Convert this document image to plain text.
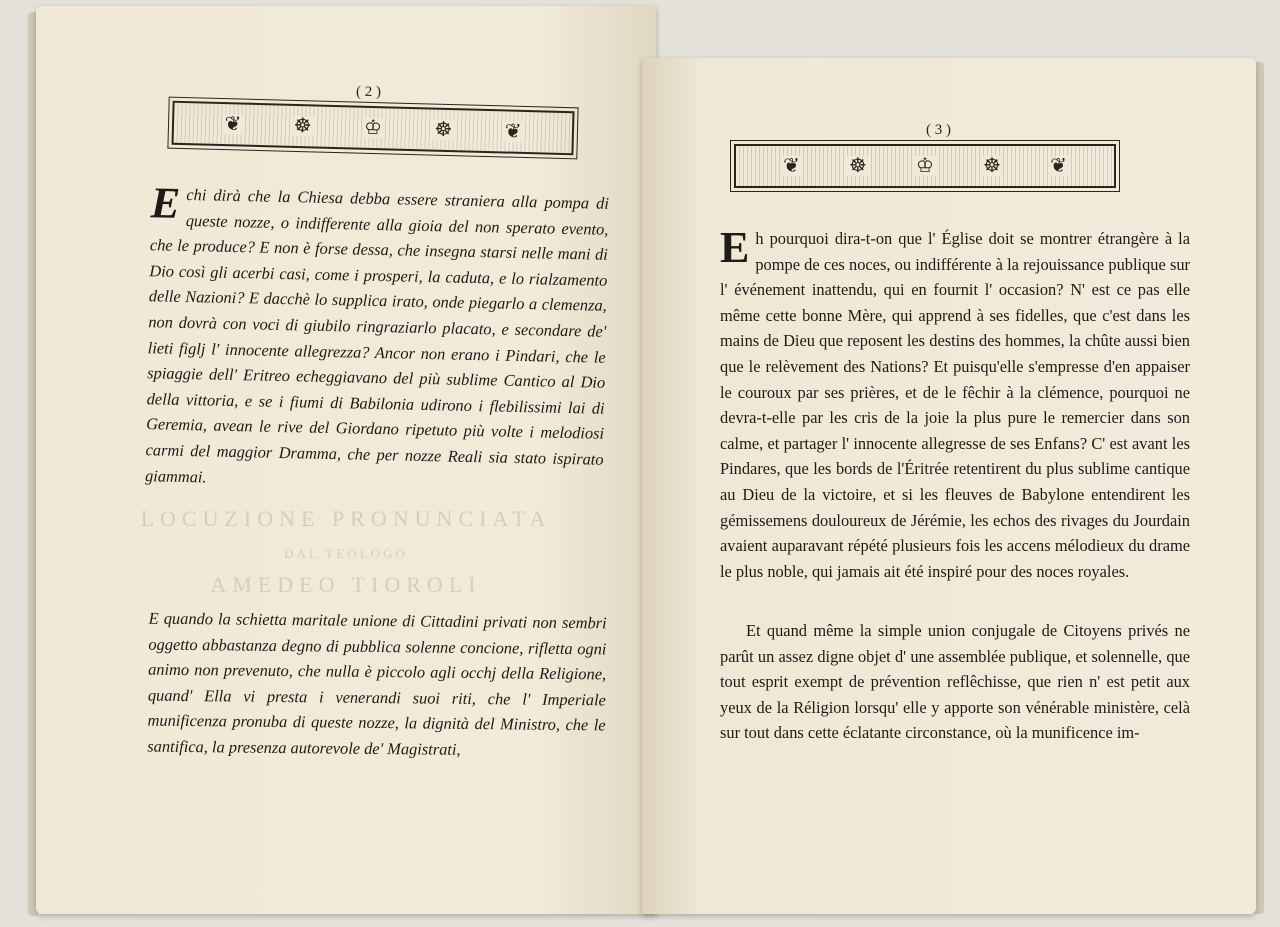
( 2 )
❦	☸	♔	☸	❦

Echi dirà che la Chiesa debba essere straniera alla pompa di queste nozze, o indifferente alla gioia del non sperato evento, che le produce? E non è forse dessa, che insegna starsi nelle mani di Dio così gli acerbi casi, come i prosperi, la caduta, e lo rialzamento delle Nazioni? E dacchè lo supplica irato, onde piegarlo a clemenza, non dovrà con voci di giubilo ringraziarlo placato, e secondare de' lieti figlj l' innocente allegrezza? Ancor non erano i Pindari, che le spiaggie dell' Eritreo echeggiavano del più sublime Cantico al Dio della vittoria, e se i fiumi di Babilonia udirono i flebilissimi lai di Geremia, avean le rive del Giordano ripetuto più volte i melodiosi carmi del maggior Dramma, che per nozze Reali sia stato ispirato giammai.

LOCUZIONE PRONUNCIATA
DAL TEOLOGO
AMEDEO TIOROLI

E quando la schietta maritale unione di Cittadini privati non sembri oggetto abbastanza degno di pubblica solenne concione, rifletta ogni animo non prevenuto, che nulla è piccolo agli occhj della Religione, quand' Ella vi presta i venerandi suoi riti, che l' Imperiale munificenza pronuba di queste nozze, la dignità del Ministro, che le santifica, la presenza autorevole de' Magistrati,

( 3 )
❦ ☸ ♔ ☸ ❦

Eh pourquoi dira-t-on que l' Église doit se montrer étrangère à la pompe de ces noces, ou indifférente à la rejouissance publique sur l' événement inattendu, qui en fournit l' occasion? N' est ce pas elle même cette bonne Mère, qui apprend à ses fidelles, que c'est dans les mains de Dieu que reposent les destins des hommes, la chûte aussi bien que le relèvement des Nations? Et puisqu'elle s'empresse d'en appaiser le couroux par ses prières, et de le fêchir à la clémence, pourquoi ne devra-t-elle par les cris de la joie la plus pure le remercier dans son calme, et partager l' innocente allegresse de ses Enfans? C' est avant les Pindares, que les bords de l'Éritrée retentirent du plus sublime cantique au Dieu de la victoire, et si les fleuves de Babylone entendirent les gémissemens douloureux de Jérémie, les echos des rivages du Jourdain avaient auparavant répété plusieurs fois les accens mélodieux du drame le plus noble, qui jamais ait été inspiré pour des noces royales.

Et quand même la simple union conjugale de Citoyens privés ne parût un assez digne objet d' une assemblée publique, et solennelle, que tout esprit exempt de prévention reflêchisse, que rien n' est petit aux yeux de la Réligion lorsqu' elle y apporte son vénérable ministère, celà sur tout dans cette éclatante circonstance, où la munificence im-
